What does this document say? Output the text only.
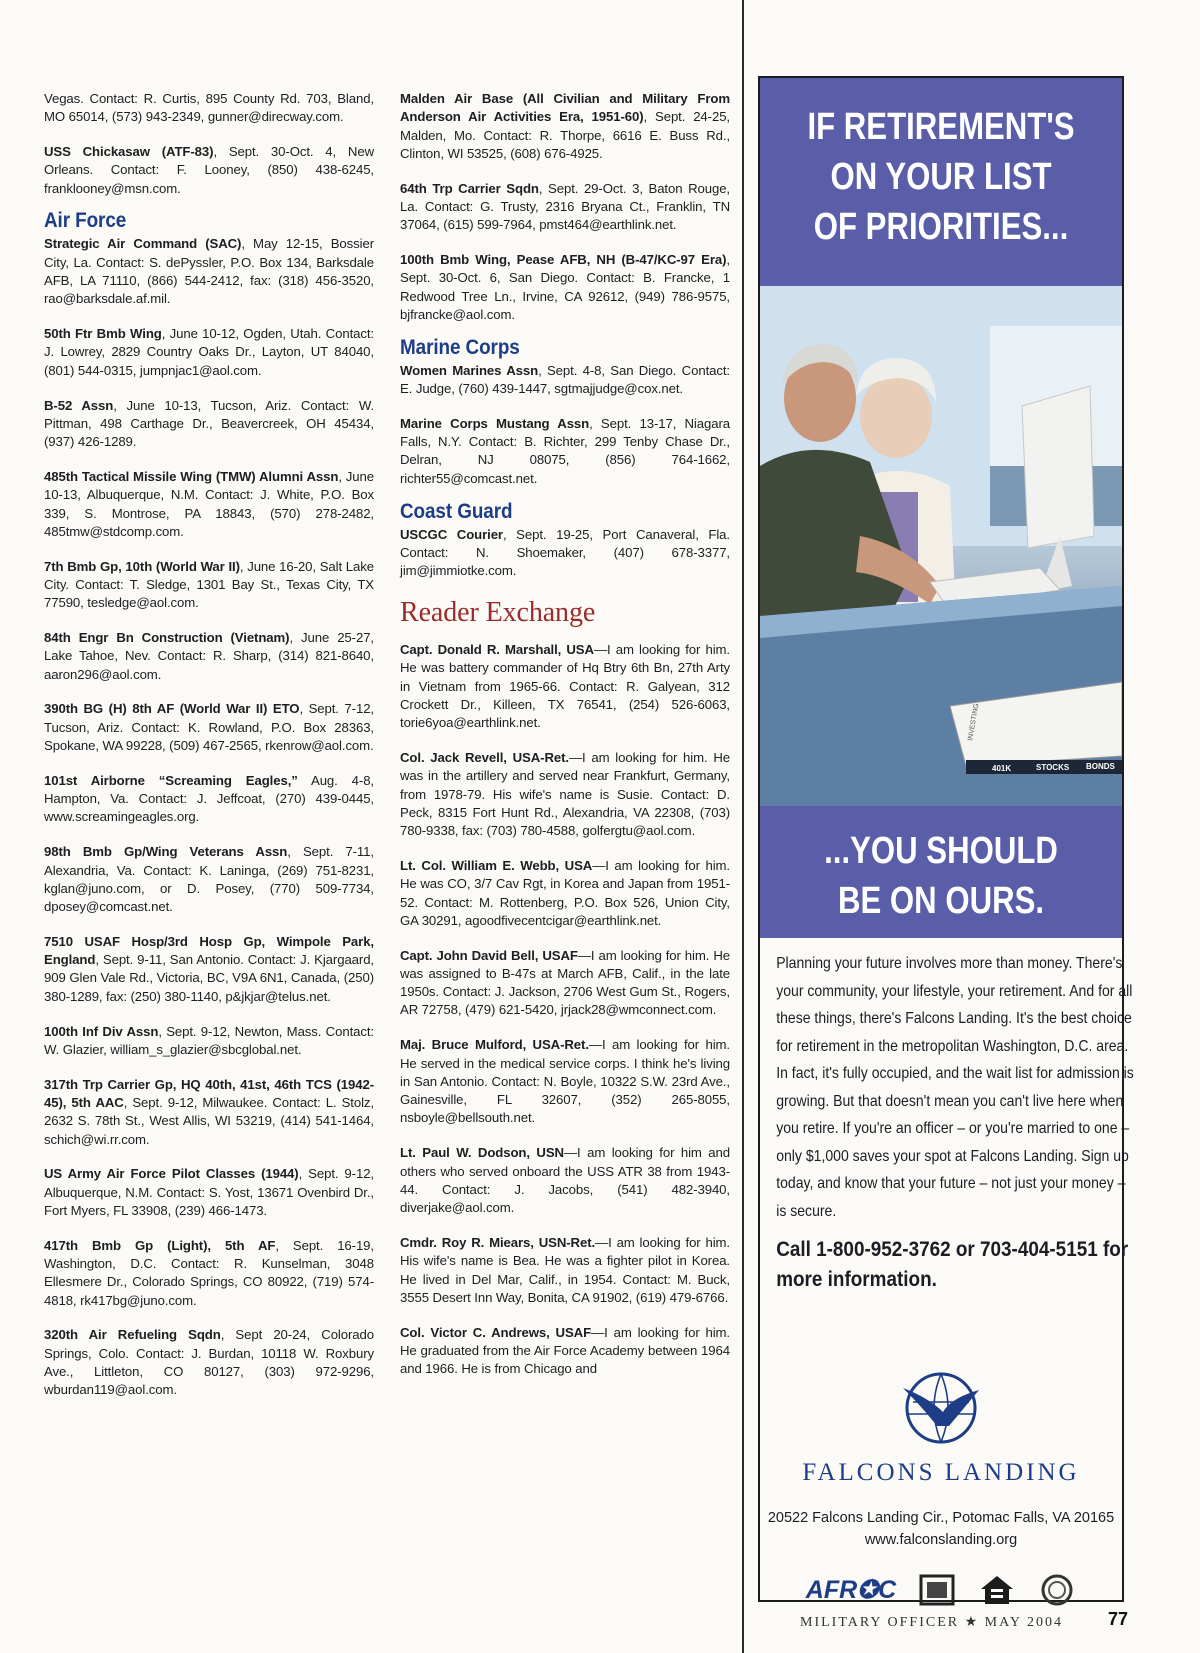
Vegas. Contact: R. Curtis, 895 County Rd. 703, Bland, MO 65014, (573) 943-2349, gunner@direcway.com.

USS Chickasaw (ATF-83), Sept. 30-Oct. 4, New Orleans. Contact: F. Looney, (850) 438-6245, franklooney@msn.com.

Air Force

Strategic Air Command (SAC), May 12-15, Bossier City, La. Contact: S. dePyssler, P.O. Box 134, Barksdale AFB, LA 71110, (866) 544-2412, fax: (318) 456-3520, rao@barksdale.af.mil.

50th Ftr Bmb Wing, June 10-12, Ogden, Utah. Contact: J. Lowrey, 2829 Country Oaks Dr., Layton, UT 84040, (801) 544-0315, jumpnjac1@aol.com.

B-52 Assn, June 10-13, Tucson, Ariz. Contact: W. Pittman, 498 Carthage Dr., Beavercreek, OH 45434, (937) 426-1289.

485th Tactical Missile Wing (TMW) Alumni Assn, June 10-13, Albuquerque, N.M. Contact: J. White, P.O. Box 339, S. Montrose, PA 18843, (570) 278-2482, 485tmw@stdcomp.com.

7th Bmb Gp, 10th (World War II), June 16-20, Salt Lake City. Contact: T. Sledge, 1301 Bay St., Texas City, TX 77590, tesledge@aol.com.

84th Engr Bn Construction (Vietnam), June 25-27, Lake Tahoe, Nev. Contact: R. Sharp, (314) 821-8640, aaron296@aol.com.

390th BG (H) 8th AF (World War II) ETO, Sept. 7-12, Tucson, Ariz. Contact: K. Rowland, P.O. Box 28363, Spokane, WA 99228, (509) 467-2565, rkenrow@aol.com.

101st Airborne “Screaming Eagles,” Aug. 4-8, Hampton, Va. Contact: J. Jeffcoat, (270) 439-0445, www.screamingeagles.org.

98th Bmb Gp/Wing Veterans Assn, Sept. 7-11, Alexandria, Va. Contact: K. Laninga, (269) 751-8231, kglan@juno.com, or D. Posey, (770) 509-7734, dposey@comcast.net.

7510 USAF Hosp/3rd Hosp Gp, Wimpole Park, England, Sept. 9-11, San Antonio. Contact: J. Kjargaard, 909 Glen Vale Rd., Victoria, BC, V9A 6N1, Canada, (250) 380-1289, fax: (250) 380-1140, p&jkjar@telus.net.

100th Inf Div Assn, Sept. 9-12, Newton, Mass. Contact: W. Glazier, william_s_glazier@sbcglobal.net.

317th Trp Carrier Gp, HQ 40th, 41st, 46th TCS (1942-45), 5th AAC, Sept. 9-12, Milwaukee. Contact: L. Stolz, 2632 S. 78th St., West Allis, WI 53219, (414) 541-1464, schich@wi.rr.com.

US Army Air Force Pilot Classes (1944), Sept. 9-12, Albuquerque, N.M. Contact: S. Yost, 13671 Ovenbird Dr., Fort Myers, FL 33908, (239) 466-1473.

417th Bmb Gp (Light), 5th AF, Sept. 16-19, Washington, D.C. Contact: R. Kunselman, 3048 Ellesmere Dr., Colorado Springs, CO 80922, (719) 574-4818, rk417bg@juno.com.

320th Air Refueling Sqdn, Sept 20-24, Colorado Springs, Colo. Contact: J. Burdan, 10118 W. Roxbury Ave., Littleton, CO 80127, (303) 972-9296, wburdan119@aol.com.

Malden Air Base (All Civilian and Military From Anderson Air Activities Era, 1951-60), Sept. 24-25, Malden, Mo. Contact: R. Thorpe, 6616 E. Buss Rd., Clinton, WI 53525, (608) 676-4925.

64th Trp Carrier Sqdn, Sept. 29-Oct. 3, Baton Rouge, La. Contact: G. Trusty, 2316 Bryana Ct., Franklin, TN 37064, (615) 599-7964, pmst464@earthlink.net.

100th Bmb Wing, Pease AFB, NH (B-47/KC-97 Era), Sept. 30-Oct. 6, San Diego. Contact: B. Francke, 1 Redwood Tree Ln., Irvine, CA 92612, (949) 786-9575, bjfrancke@aol.com.

Marine Corps

Women Marines Assn, Sept. 4-8, San Diego. Contact: E. Judge, (760) 439-1447, sgtmajjudge@cox.net.

Marine Corps Mustang Assn, Sept. 13-17, Niagara Falls, N.Y. Contact: B. Richter, 299 Tenby Chase Dr., Delran, NJ 08075, (856) 764-1662, richter55@comcast.net.

Coast Guard

USCGC Courier, Sept. 19-25, Port Canaveral, Fla. Contact: N. Shoemaker, (407) 678-3377, jim@jimmiotke.com.

Reader Exchange

Capt. Donald R. Marshall, USA—I am looking for him. He was battery commander of Hq Btry 6th Bn, 27th Arty in Vietnam from 1965-66. Contact: R. Galyean, 312 Crockett Dr., Killeen, TX 76541, (254) 526-6063, torie6yoa@earthlink.net.

Col. Jack Revell, USA-Ret.—I am looking for him. He was in the artillery and served near Frankfurt, Germany, from 1978-79. His wife's name is Susie. Contact: D. Peck, 8315 Fort Hunt Rd., Alexandria, VA 22308, (703) 780-9338, fax: (703) 780-4588, golfergtu@aol.com.

Lt. Col. William E. Webb, USA—I am looking for him. He was CO, 3/7 Cav Rgt, in Korea and Japan from 1951-52. Contact: M. Rottenberg, P.O. Box 526, Union City, GA 30291, agoodfivecentcigar@earthlink.net.

Capt. John David Bell, USAF—I am looking for him. He was assigned to B-47s at March AFB, Calif., in the late 1950s. Contact: J. Jackson, 2706 West Gum St., Rogers, AR 72758, (479) 621-5420, jrjack28@wmconnect.com.

Maj. Bruce Mulford, USA-Ret.—I am looking for him. He served in the medical service corps. I think he's living in San Antonio. Contact: N. Boyle, 10322 S.W. 23rd Ave., Gainesville, FL 32607, (352) 265-8055, nsboyle@bellsouth.net.

Lt. Paul W. Dodson, USN—I am looking for him and others who served onboard the USS ATR 38 from 1943-44. Contact: J. Jacobs, (541) 482-3940, diverjake@aol.com.

Cmdr. Roy R. Miears, USN-Ret.—I am looking for him. His wife's name is Bea. He was a fighter pilot in Korea. He lived in Del Mar, Calif., in 1954. Contact: M. Buck, 3555 Desert Inn Way, Bonita, CA 91902, (619) 479-6766.

Col. Victor C. Andrews, USAF—I am looking for him. He graduated from the Air Force Academy between 1964 and 1966. He is from Chicago and

IF RETIREMENT'S
ON YOUR LIST
OF PRIORITIES...
401K	STOCKS BONDS
INVESTING
...YOU SHOULD
BE ON OURS.
Planning your future involves more than money. There's your community, your lifestyle, your retirement. And for all these things, there's Falcons Landing. It's the best choice for retirement in the metropolitan Washington, D.C. area. In fact, it's fully occupied, and the wait list for admission is growing. But that doesn't mean you can't live here when you retire. If you're an officer – or you're married to one – only $1,000 saves your spot at Falcons Landing. Sign up today, and know that your future – not just your money – is secure.
Call 1-800-952-3762 or 703-404-5151 for more information.
FALCONS LANDING
20522 Falcons Landing Cir., Potomac Falls, VA 20165
www.falconslanding.org
AFR✪C
MILITARY OFFICER ★ MAY 2004 77
